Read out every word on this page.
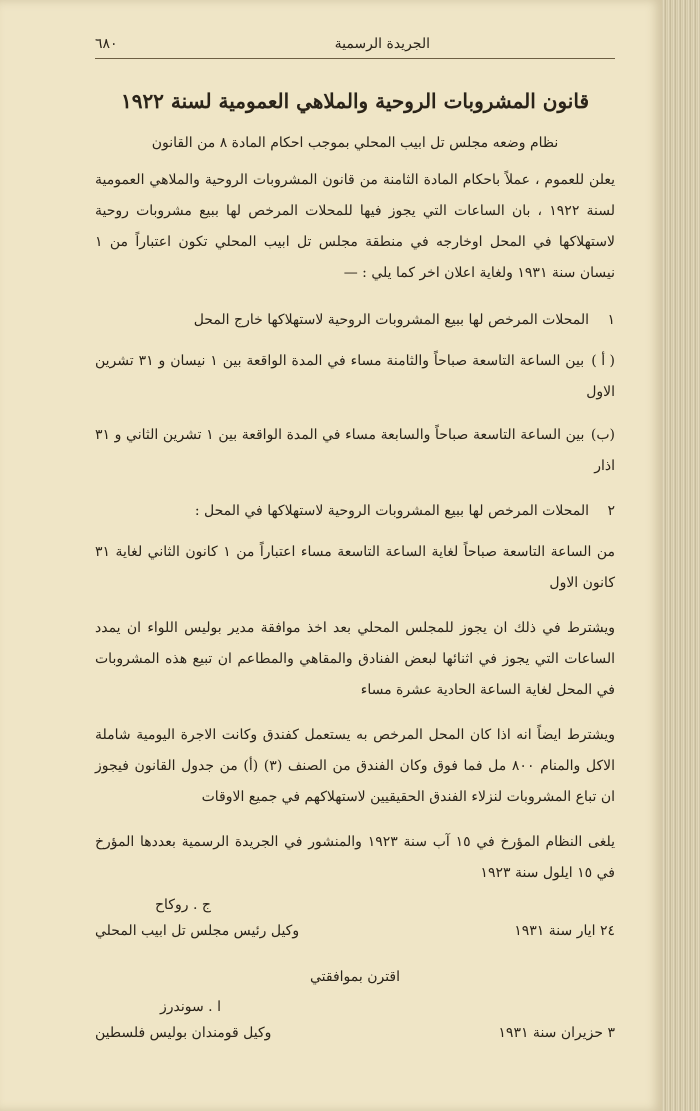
الجريدة الرسمية
٦٨٠
قانون المشروبات الروحية والملاهي العمومية لسنة ١٩٢٢
نظام وضعه مجلس تل ابيب المحلي بموجب احكام المادة ٨ من القانون

يعلن للعموم ، عملاً باحكام المادة الثامنة من قانون المشروبات الروحية والملاهي العمومية لسنة ١٩٢٢ ، بان الساعات التي يجوز فيها للمحلات المرخص لها ببيع مشروبات روحية لاستهلاكها في المحل اوخارجه في منطقة مجلس تل ابيب المحلي تكون اعتباراً من ١ نيسان سنة ١٩٣١ ولغاية اعلان اخر كما يلي : —

١المحلات المرخص لها ببيع المشروبات الروحية لاستهلاكها خارج المحل

( أ ) بين الساعة التاسعة صباحاً والثامنة مساء في المدة الواقعة بين ١ نيسان و ٣١ تشرين الاول

(ب) بين الساعة التاسعة صباحاً والسابعة مساء في المدة الواقعة بين ١ تشرين الثاني و ٣١ اذار

٢المحلات المرخص لها ببيع المشروبات الروحية لاستهلاكها في المحل :

من الساعة التاسعة صباحاً لغاية الساعة التاسعة مساء اعتباراً من ١ كانون الثاني لغاية ٣١ كانون الاول

ويشترط في ذلك ان يجوز للمجلس المحلي بعد اخذ موافقة مدير بوليس اللواء ان يمدد الساعات التي يجوز في اثنائها لبعض الفنادق والمقاهي والمطاعم ان تبيع هذه المشروبات في المحل لغاية الساعة الحادية عشرة مساء

ويشترط ايضاً انه اذا كان المحل المرخص به يستعمل كفندق وكانت الاجرة اليومية شاملة الاكل والمنام ٨٠٠ مل فما فوق وكان الفندق من الصنف (٣) (أ) من جدول القانون فيجوز ان تباع المشروبات لنزلاء الفندق الحقيقيين لاستهلاكهم في جميع الاوقات

يلغى النظام المؤرخ في ١٥ آب سنة ١٩٢٣ والمنشور في الجريدة الرسمية بعددها المؤرخ في ١٥ ايلول سنة ١٩٢٣

ج . روكاح
٢٤ ايار سنة ١٩٣١
وكيل رئيس مجلس تل ابيب المحلي
اقترن بموافقتي
ا . سوندرز
٣ حزيران سنة ١٩٣١
وكيل قومندان بوليس فلسطين
